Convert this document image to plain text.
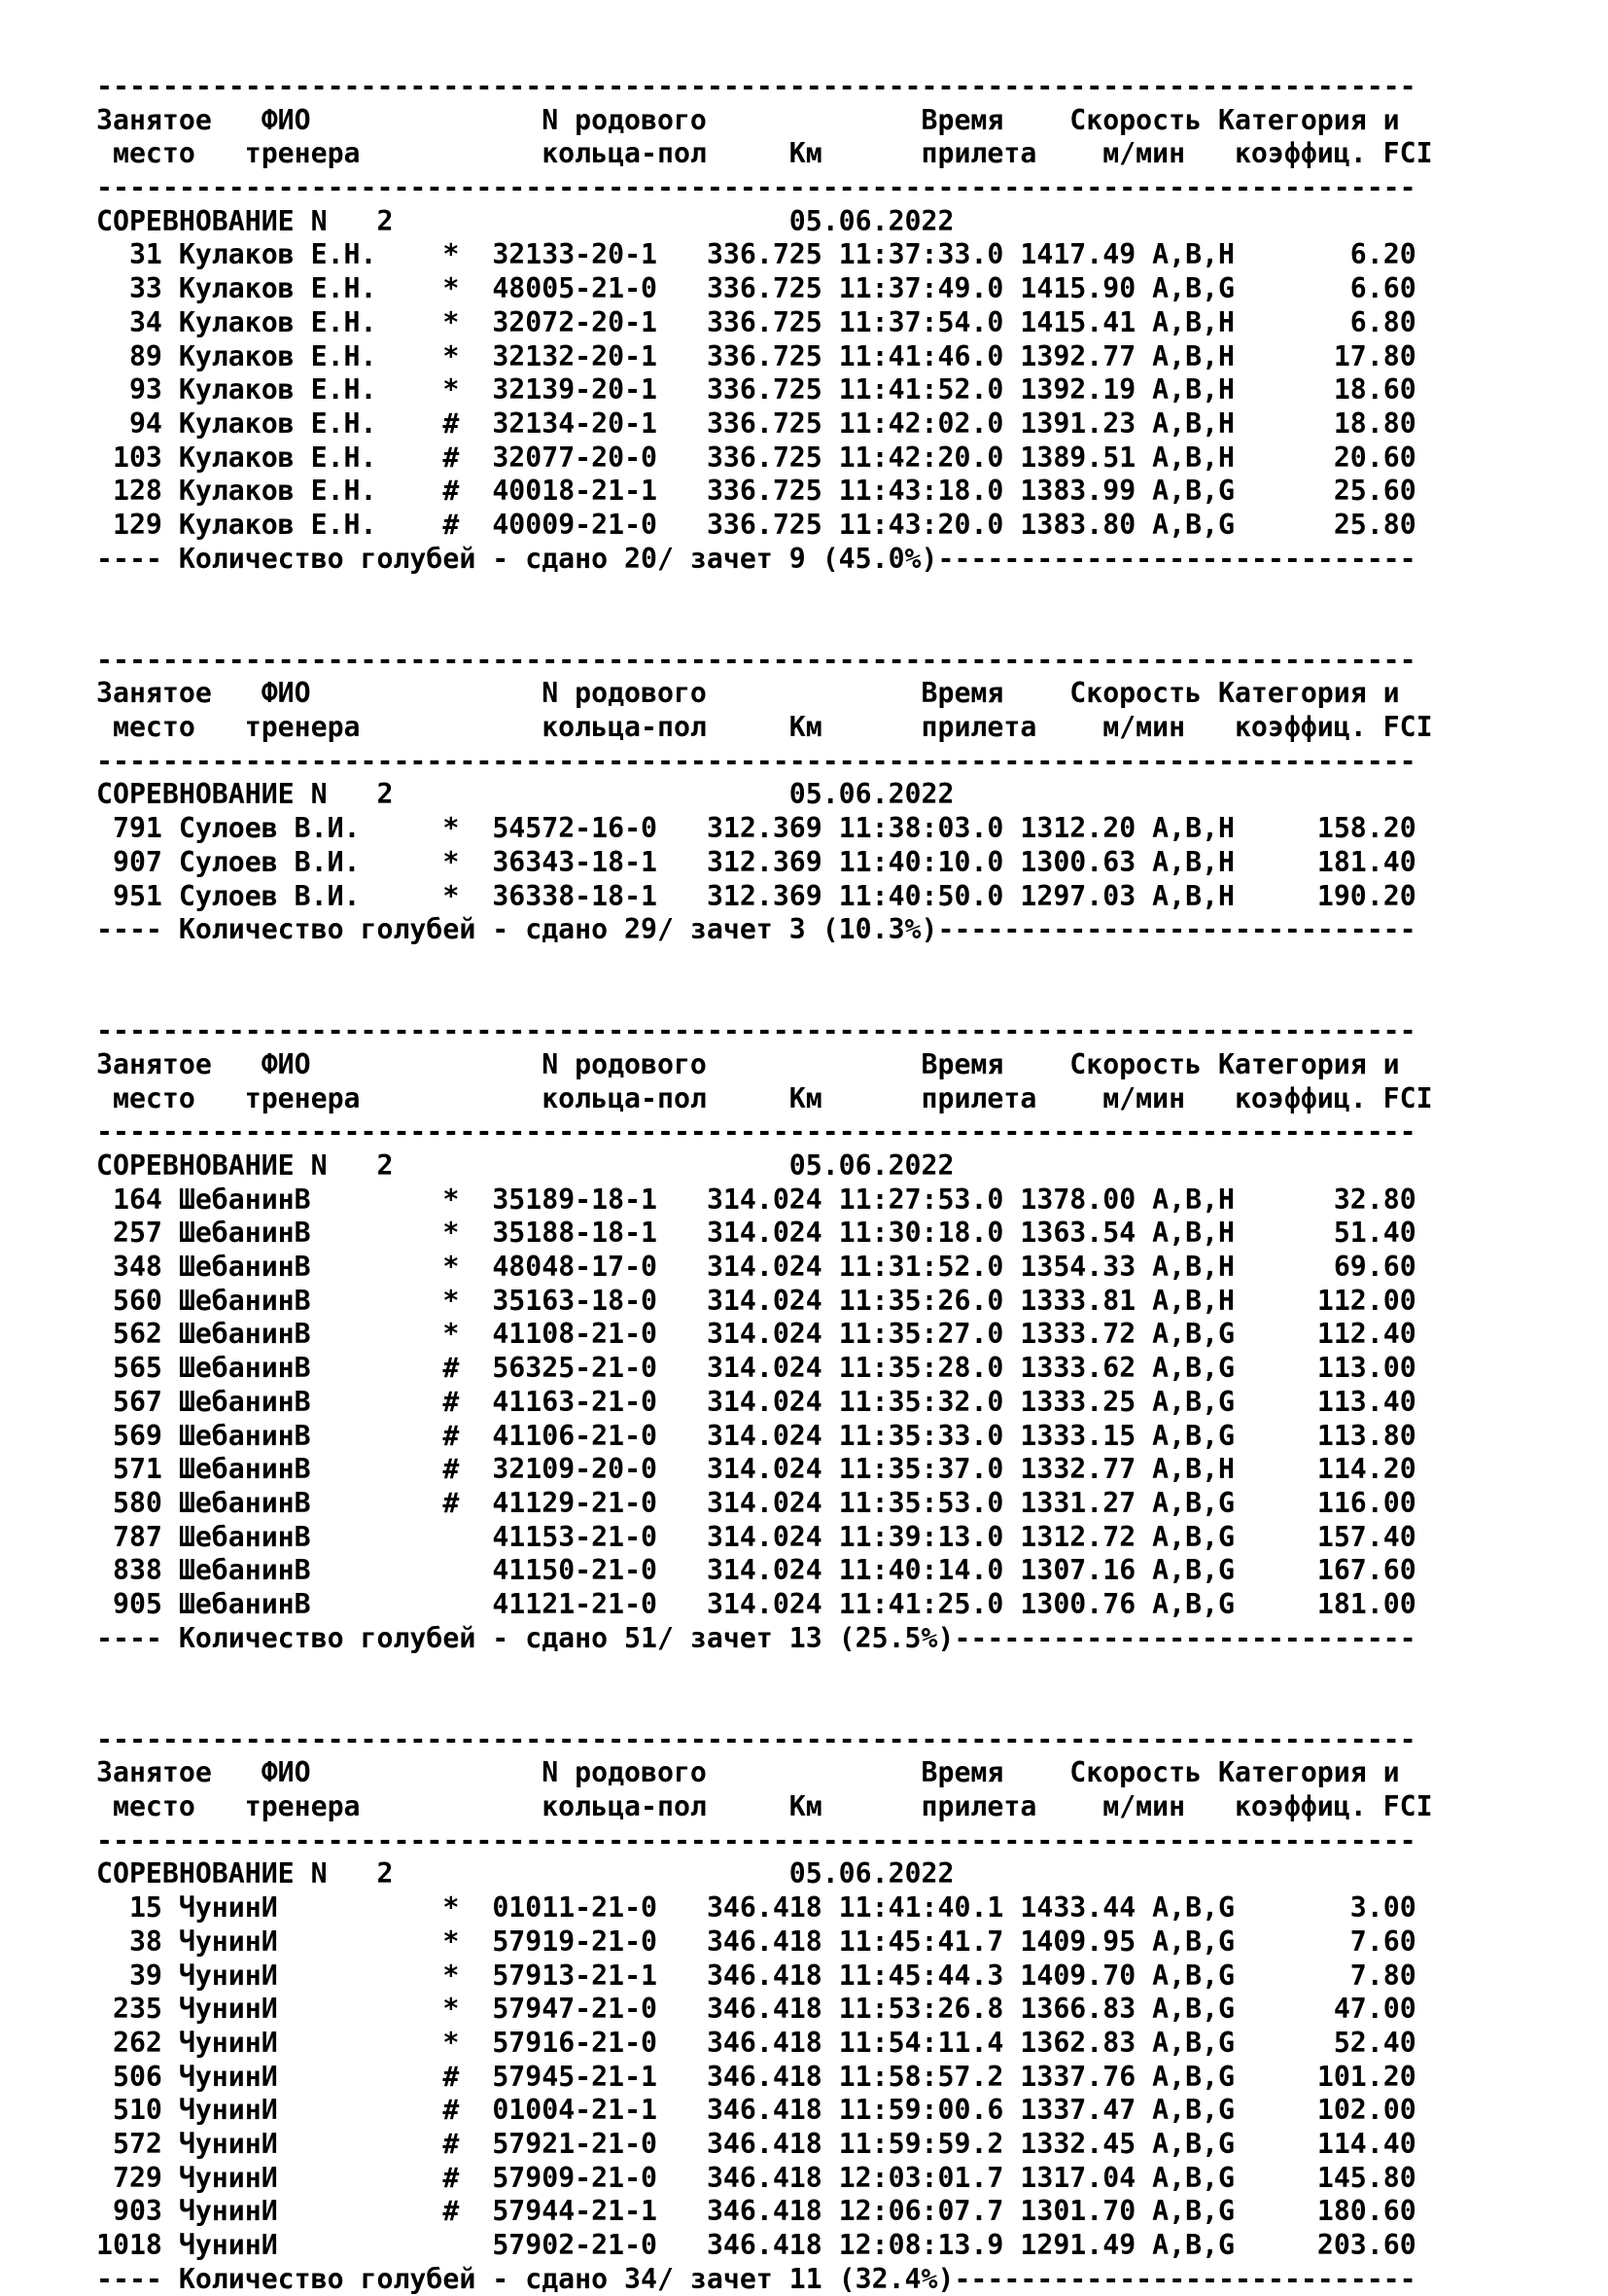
--------------------------------------------------------------------------------
Занятое   ФИО              N родового             Время    Скорость Категория и
место   тренера           кольца-пол     Км      прилета    м/мин   коэффиц. FCI
--------------------------------------------------------------------------------
СОРЕВНОВАНИЕ N   2	05.06.2022
31 Кулаков Е.Н.    *  32133-20-1   336.725 11:37:33.0 1417.49 A,B,H       6.20
33 Кулаков Е.Н.    *  48005-21-0   336.725 11:37:49.0 1415.90 A,B,G       6.60
34 Кулаков Е.Н.    *  32072-20-1   336.725 11:37:54.0 1415.41 A,B,H       6.80
89 Кулаков Е.Н.    *  32132-20-1   336.725 11:41:46.0 1392.77 A,B,H      17.80
93 Кулаков Е.Н.    *  32139-20-1   336.725 11:41:52.0 1392.19 A,B,H      18.60
94 Кулаков Е.Н.    #  32134-20-1   336.725 11:42:02.0 1391.23 A,B,H      18.80
103 Кулаков Е.Н.    #  32077-20-0   336.725 11:42:20.0 1389.51 A,B,H      20.60
128 Кулаков Е.Н.    #  40018-21-1   336.725 11:43:18.0 1383.99 A,B,G      25.60
129 Кулаков Е.Н.    #  40009-21-0   336.725 11:43:20.0 1383.80 A,B,G      25.80
---- Количество голубей - сдано 20/ зачет 9 (45.0%)-----------------------------
--------------------------------------------------------------------------------
Занятое   ФИО              N родового             Время    Скорость Категория и
место   тренера           кольца-пол     Км      прилета    м/мин   коэффиц. FCI
--------------------------------------------------------------------------------
СОРЕВНОВАНИЕ N   2	05.06.2022
791 Сулоев В.И.     *  54572-16-0   312.369 11:38:03.0 1312.20 A,B,H     158.20
907 Сулоев В.И.     *  36343-18-1   312.369 11:40:10.0 1300.63 A,B,H     181.40
951 Сулоев В.И.     *  36338-18-1   312.369 11:40:50.0 1297.03 A,B,H     190.20
---- Количество голубей - сдано 29/ зачет 3 (10.3%)-----------------------------
--------------------------------------------------------------------------------
Занятое   ФИО              N родового             Время    Скорость Категория и
место   тренера           кольца-пол     Км      прилета    м/мин   коэффиц. FCI
--------------------------------------------------------------------------------
СОРЕВНОВАНИЕ N   2	05.06.2022
164 ШебанинВ        *  35189-18-1   314.024 11:27:53.0 1378.00 A,B,H      32.80
257 ШебанинВ        *  35188-18-1   314.024 11:30:18.0 1363.54 A,B,H      51.40
348 ШебанинВ        *  48048-17-0   314.024 11:31:52.0 1354.33 A,B,H      69.60
560 ШебанинВ        *  35163-18-0   314.024 11:35:26.0 1333.81 A,B,H     112.00
562 ШебанинВ        *  41108-21-0   314.024 11:35:27.0 1333.72 A,B,G     112.40
565 ШебанинВ        #  56325-21-0   314.024 11:35:28.0 1333.62 A,B,G     113.00
567 ШебанинВ        #  41163-21-0   314.024 11:35:32.0 1333.25 A,B,G     113.40
569 ШебанинВ        #  41106-21-0   314.024 11:35:33.0 1333.15 A,B,G     113.80
571 ШебанинВ        #  32109-20-0   314.024 11:35:37.0 1332.77 A,B,H     114.20
580 ШебанинВ        #  41129-21-0   314.024 11:35:53.0 1331.27 A,B,G     116.00
787 ШебанинВ           41153-21-0   314.024 11:39:13.0 1312.72 A,B,G     157.40
838 ШебанинВ           41150-21-0   314.024 11:40:14.0 1307.16 A,B,G     167.60
905 ШебанинВ           41121-21-0   314.024 11:41:25.0 1300.76 A,B,G     181.00
---- Количество голубей - сдано 51/ зачет 13 (25.5%)----------------------------
--------------------------------------------------------------------------------
Занятое   ФИО              N родового             Время    Скорость Категория и
место   тренера           кольца-пол     Км      прилета    м/мин   коэффиц. FCI
--------------------------------------------------------------------------------
СОРЕВНОВАНИЕ N   2	05.06.2022
15 ЧунинИ          *  01011-21-0   346.418 11:41:40.1 1433.44 A,B,G       3.00
38 ЧунинИ          *  57919-21-0   346.418 11:45:41.7 1409.95 A,B,G       7.60
39 ЧунинИ          *  57913-21-1   346.418 11:45:44.3 1409.70 A,B,G       7.80
235 ЧунинИ          *  57947-21-0   346.418 11:53:26.8 1366.83 A,B,G      47.00
262 ЧунинИ          *  57916-21-0   346.418 11:54:11.4 1362.83 A,B,G      52.40
506 ЧунинИ          #  57945-21-1   346.418 11:58:57.2 1337.76 A,B,G     101.20
510 ЧунинИ          #  01004-21-1   346.418 11:59:00.6 1337.47 A,B,G     102.00
572 ЧунинИ          #  57921-21-0   346.418 11:59:59.2 1332.45 A,B,G     114.40
729 ЧунинИ          #  57909-21-0   346.418 12:03:01.7 1317.04 A,B,G     145.80
903 ЧунинИ          #  57944-21-1   346.418 12:06:07.7 1301.70 A,B,G     180.60
1018 ЧунинИ             57902-21-0   346.418 12:08:13.9 1291.49 A,B,G     203.60
---- Количество голубей - сдано 34/ зачет 11 (32.4%)----------------------------
